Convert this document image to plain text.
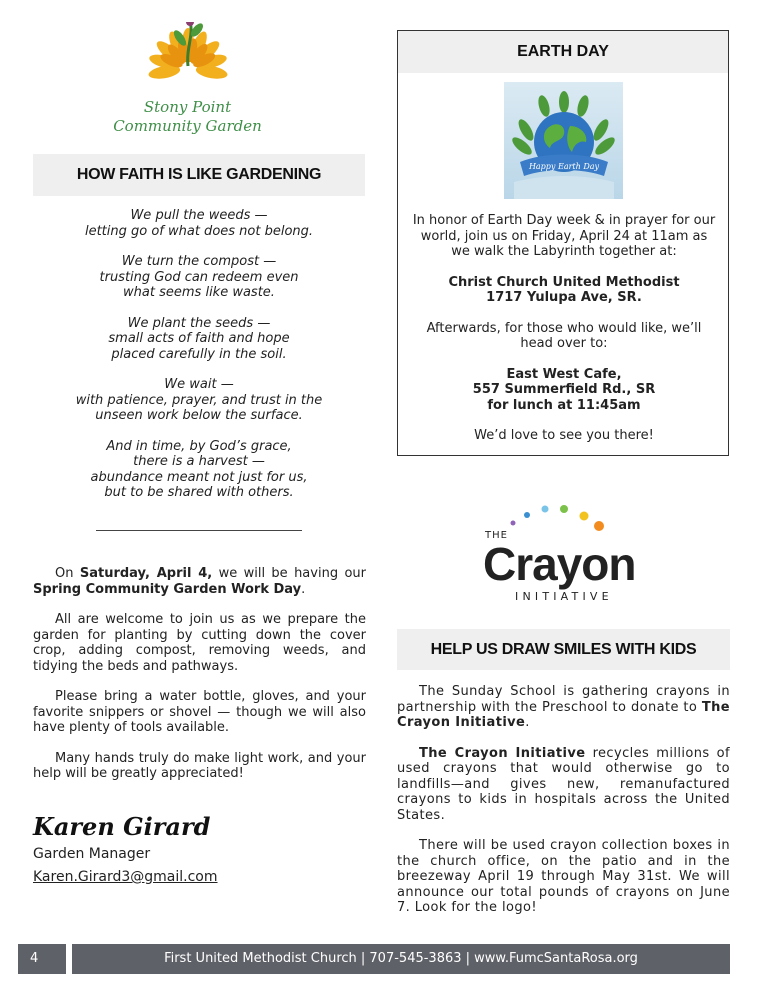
Stony Point
Community Garden
HOW FAITH IS LIKE GARDENING

We pull the weeds —
letting go of what does not belong.

We turn the compost —
trusting God can redeem even
what seems like waste.

We plant the seeds —
small acts of faith and hope
placed carefully in the soil.

We wait —
with patience, prayer, and trust in the
unseen work below the surface.

And in time, by God’s grace,
there is a harvest —
abundance meant not just for us,
but to be shared with others.

On Saturday, April 4, we will be having our Spring Community Garden Work Day.

All are welcome to join us as we prepare the garden for planting by cutting down the cover crop, adding compost, removing weeds, and tidying the beds and pathways.

Please bring a water bottle, gloves, and your favorite snippers or shovel — though we will also have plenty of tools available.

Many hands truly do make light work, and your help will be greatly appreciated!

Karen Girard
Garden Manager
Karen.Girard3@gmail.com
EARTH DAY
Happy Earth Day

In honor of Earth Day week & in prayer for our world, join us on Friday, April 24 at 11am as we walk the Labyrinth together at:

Christ Church United Methodist
1717 Yulupa Ave, SR.

Afterwards, for those who would like, we’ll head over to:

East West Cafe,
557 Summerfield Rd., SR
for lunch at 11:45am

We’d love to see you there!

THE
Crayon
INITIATIVE
HELP US DRAW SMILES WITH KIDS

The Sunday School is gathering crayons in partnership with the Preschool to donate to The Crayon Initiative.

The Crayon Initiative recycles millions of used crayons that would otherwise go to landfills—and gives new, remanufactured crayons to kids in hospitals across the United States.

There will be used crayon collection boxes in the church office, on the patio and in the breezeway April 19 through May 31st. We will announce our total pounds of crayons on June 7. Look for the logo!

4	First United Methodist Church | 707-545-3863 | www.FumcSantaRosa.org
